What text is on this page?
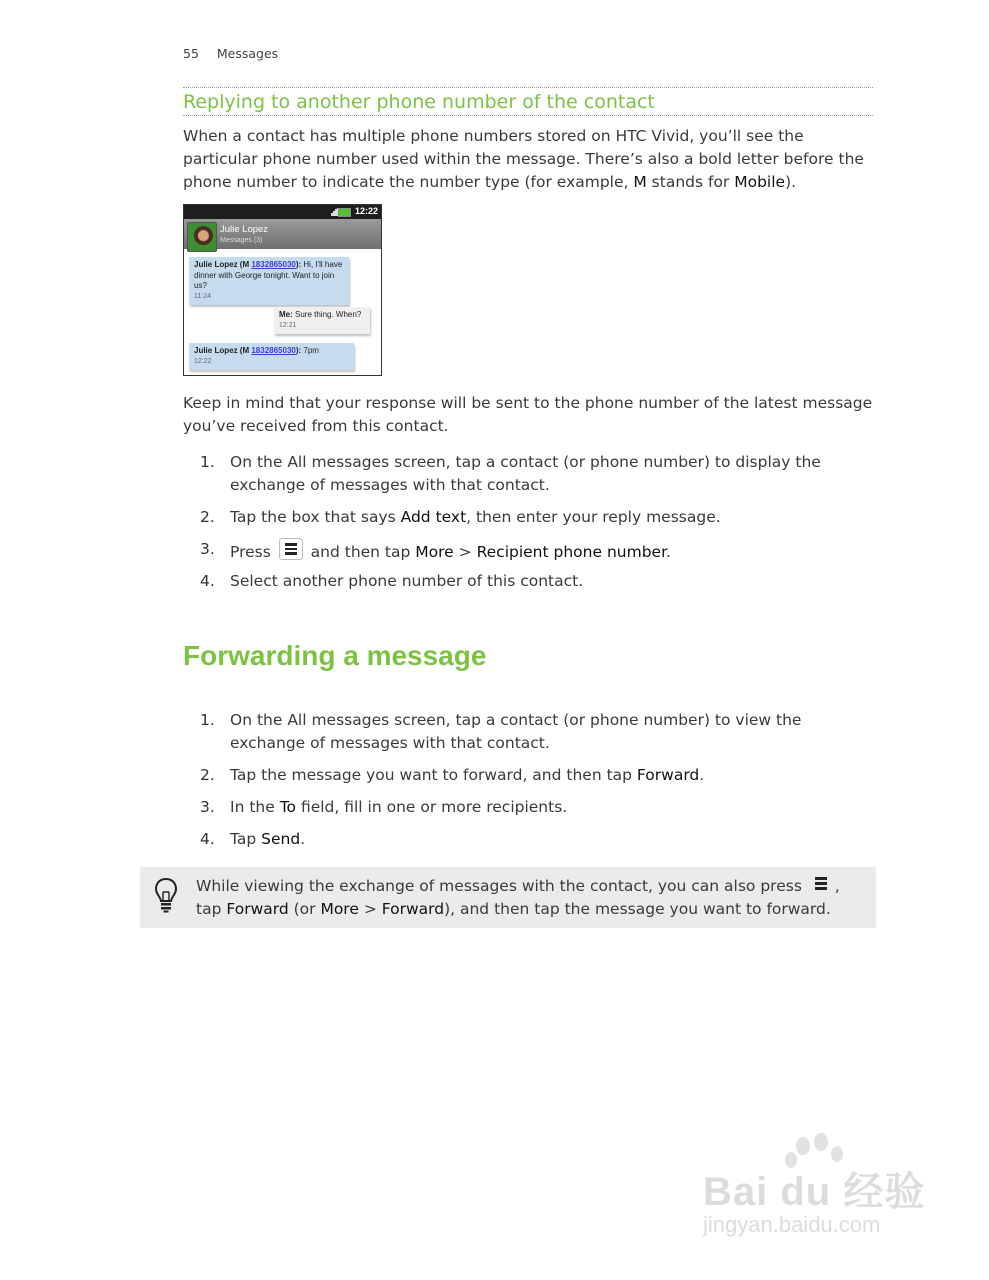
55 Messages
Replying to another phone number of the contact
When a contact has multiple phone numbers stored on HTC Vivid, you’ll see the particular phone number used within the message. There’s also a bold letter before the phone number to indicate the number type (for example, M stands for Mobile).
12:22
Julie Lopez
Messages (3)
Julie Lopez (M 1832865030): Hi, I'll have dinner with George tonight. Want to join us?
11:24
Me: Sure thing. When?
12:21
Julie Lopez (M 1832865030): 7pm
12:22
Keep in mind that your response will be sent to the phone number of the latest message you’ve received from this contact.
1. On the All messages screen, tap a contact (or phone number) to display the exchange of messages with that contact.
2. Tap the box that says Add text, then enter your reply message.
3. Press
and then tap More > Recipient phone number.
4. Select another phone number of this contact.
Forwarding a message
1. On the All messages screen, tap a contact (or phone number) to view the exchange of messages with that contact.
2. Tap the message you want to forward, and then tap Forward.
3. In the To field, fill in one or more recipients.
4. Tap Send.
While viewing the exchange of messages with the contact, you can also press
, tap Forward (or More > Forward), and then tap the message you want to forward.
Bai du 经验
jingyan.baidu.com
